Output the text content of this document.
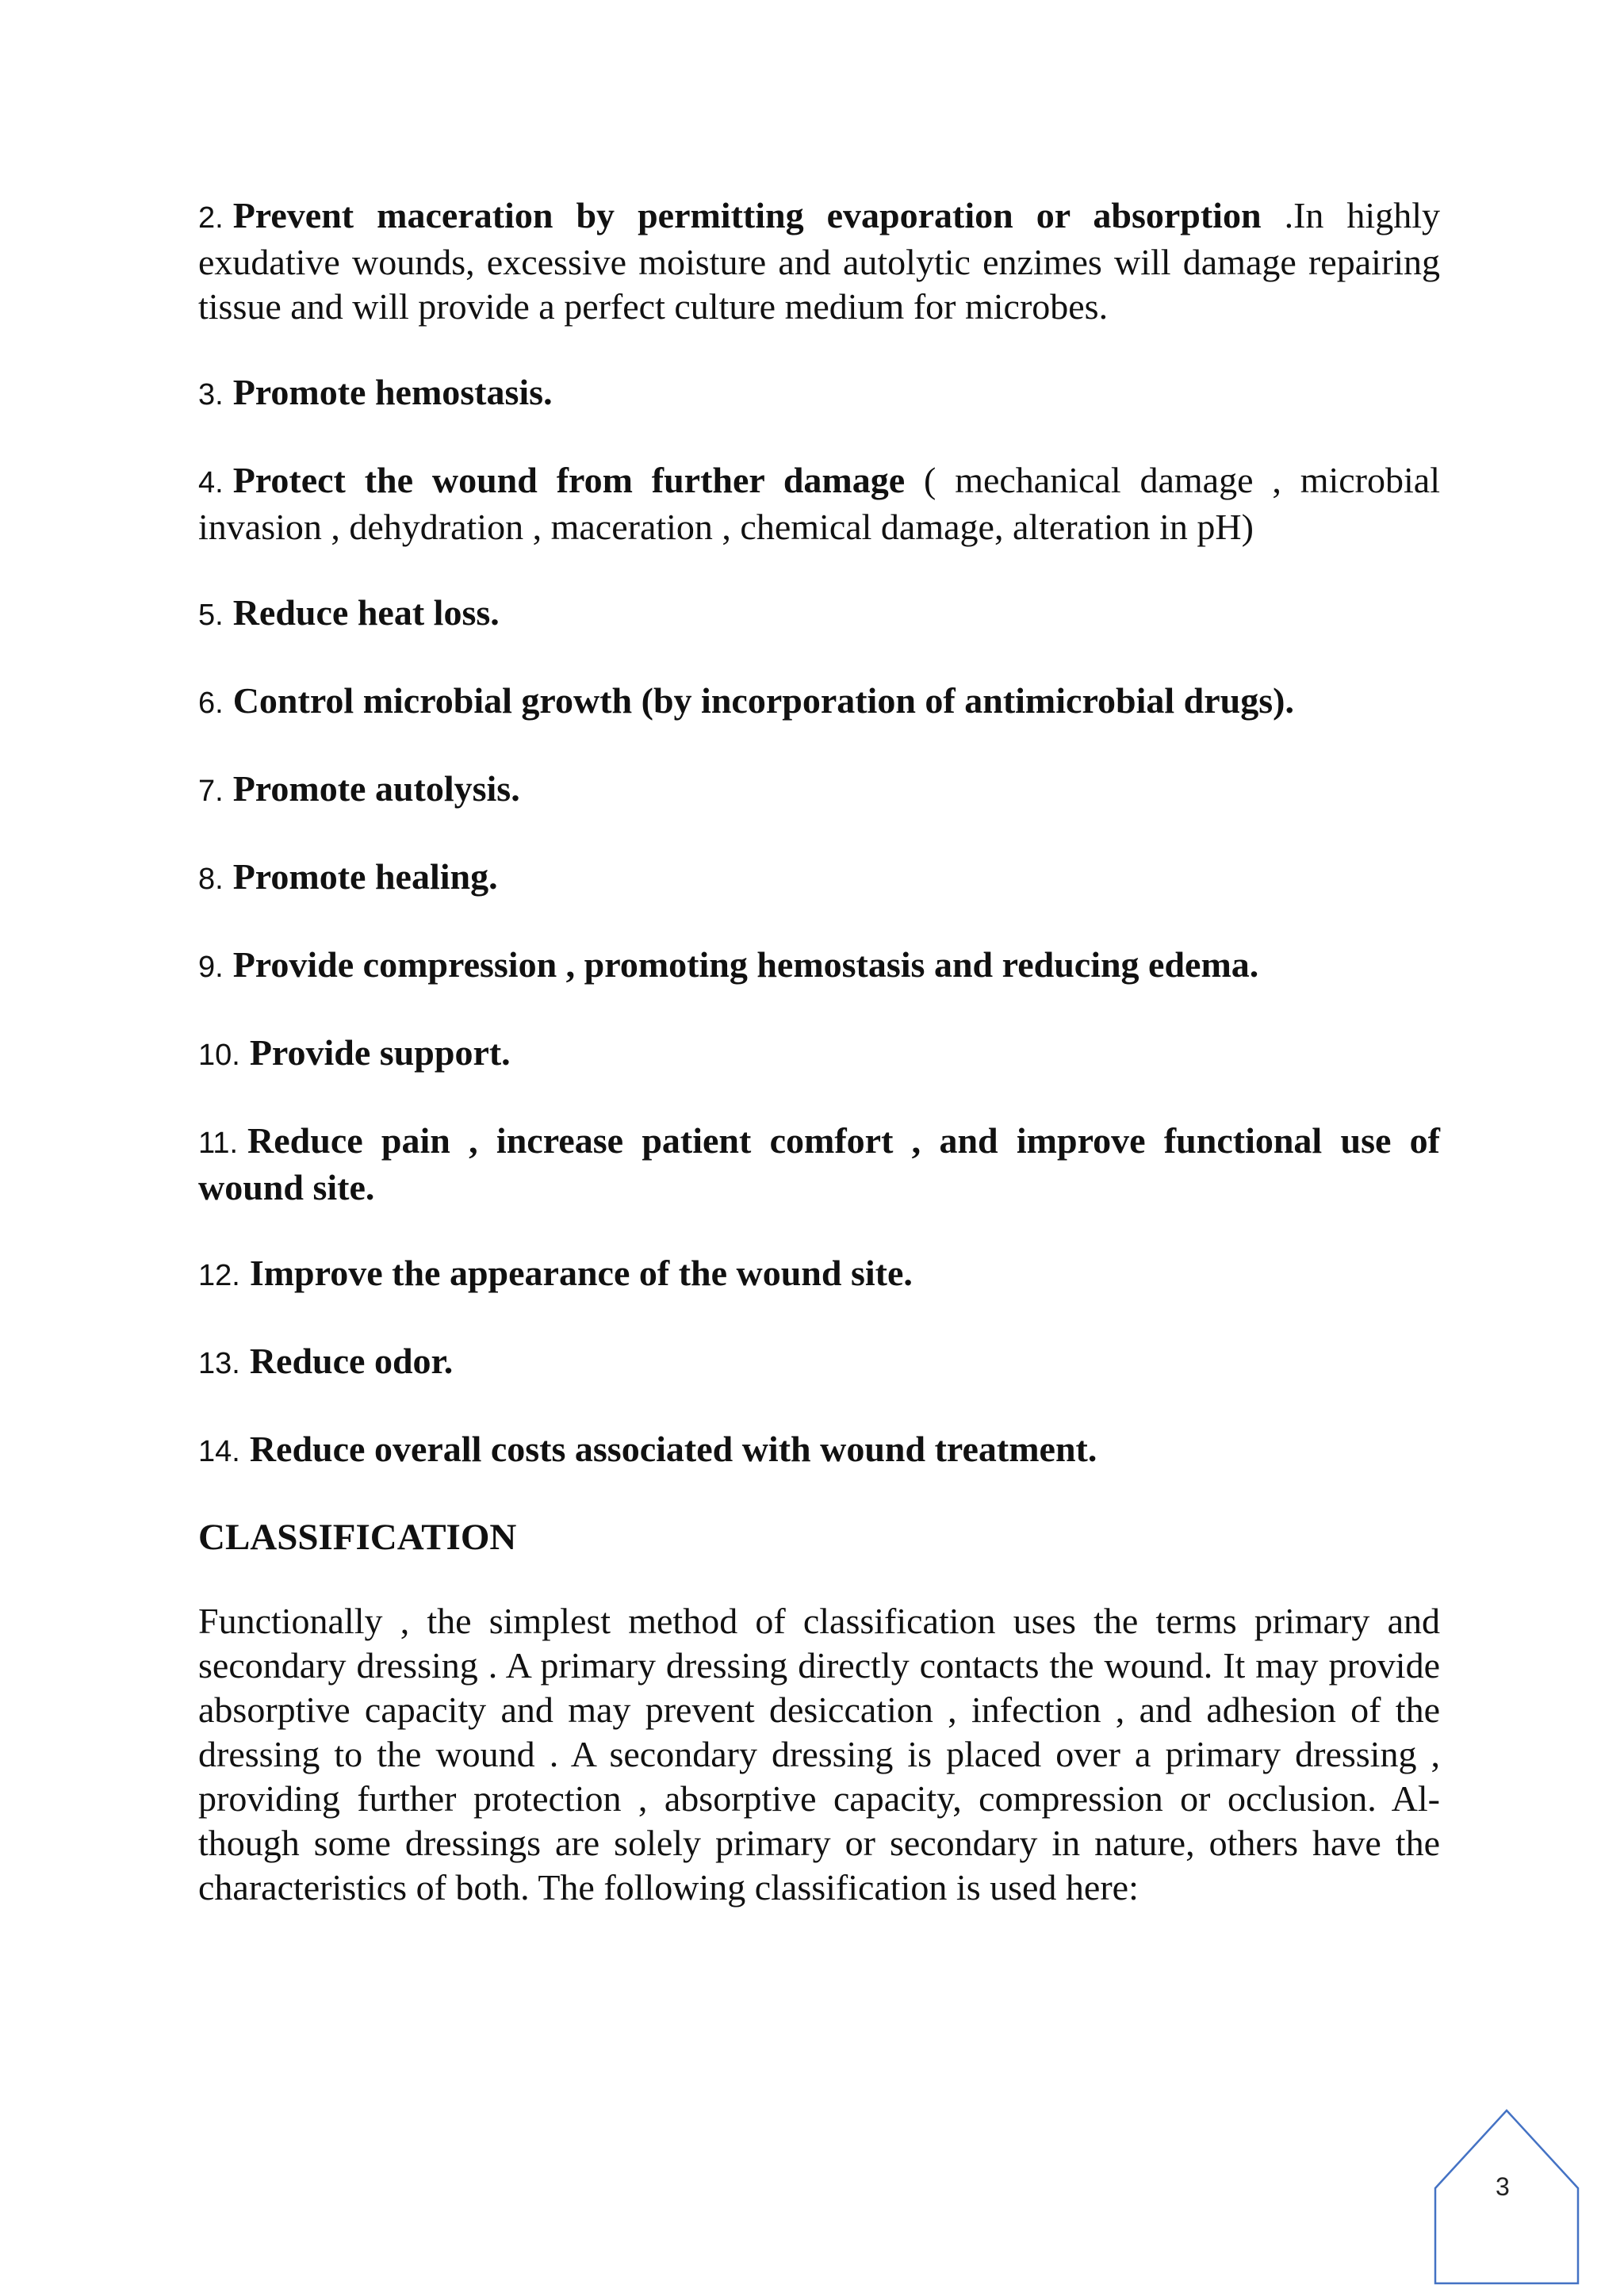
2. Prevent maceration by permitting evaporation or absorption .In highly exudative wounds, excessive moisture and autolytic enzimes will damage repairing tissue and will provide a perfect culture medium for microbes.

3. Promote hemostasis.

4. Protect the wound from further damage ( mechanical damage , microbial invasion , dehydration , maceration , chemical damage, alteration in pH)

5. Reduce heat loss.

6. Control microbial growth (by incorporation of antimicrobial drugs).

7. Promote autolysis.

8. Promote healing.

9. Provide compression , promoting hemostasis and reducing edema.

10. Provide support.

11. Reduce pain , increase patient comfort , and improve functional use of wound site.

12. Improve the appearance of the wound site.

13. Reduce odor.

14. Reduce overall costs associated with wound treatment.

CLASSIFICATION

Functionally , the simplest method of classification uses the terms primary and secondary dressing . A primary dressing directly contacts the wound. It may provide absorptive capacity and may prevent desiccation , infection , and adhesion of the dressing to the wound . A secondary dressing is placed over a primary dressing , providing further protection , absorptive capacity, compression or occlusion. Al-though some dressings are solely primary or secondary in nature, others have the characteristics of both. The following classification is used here:

3
